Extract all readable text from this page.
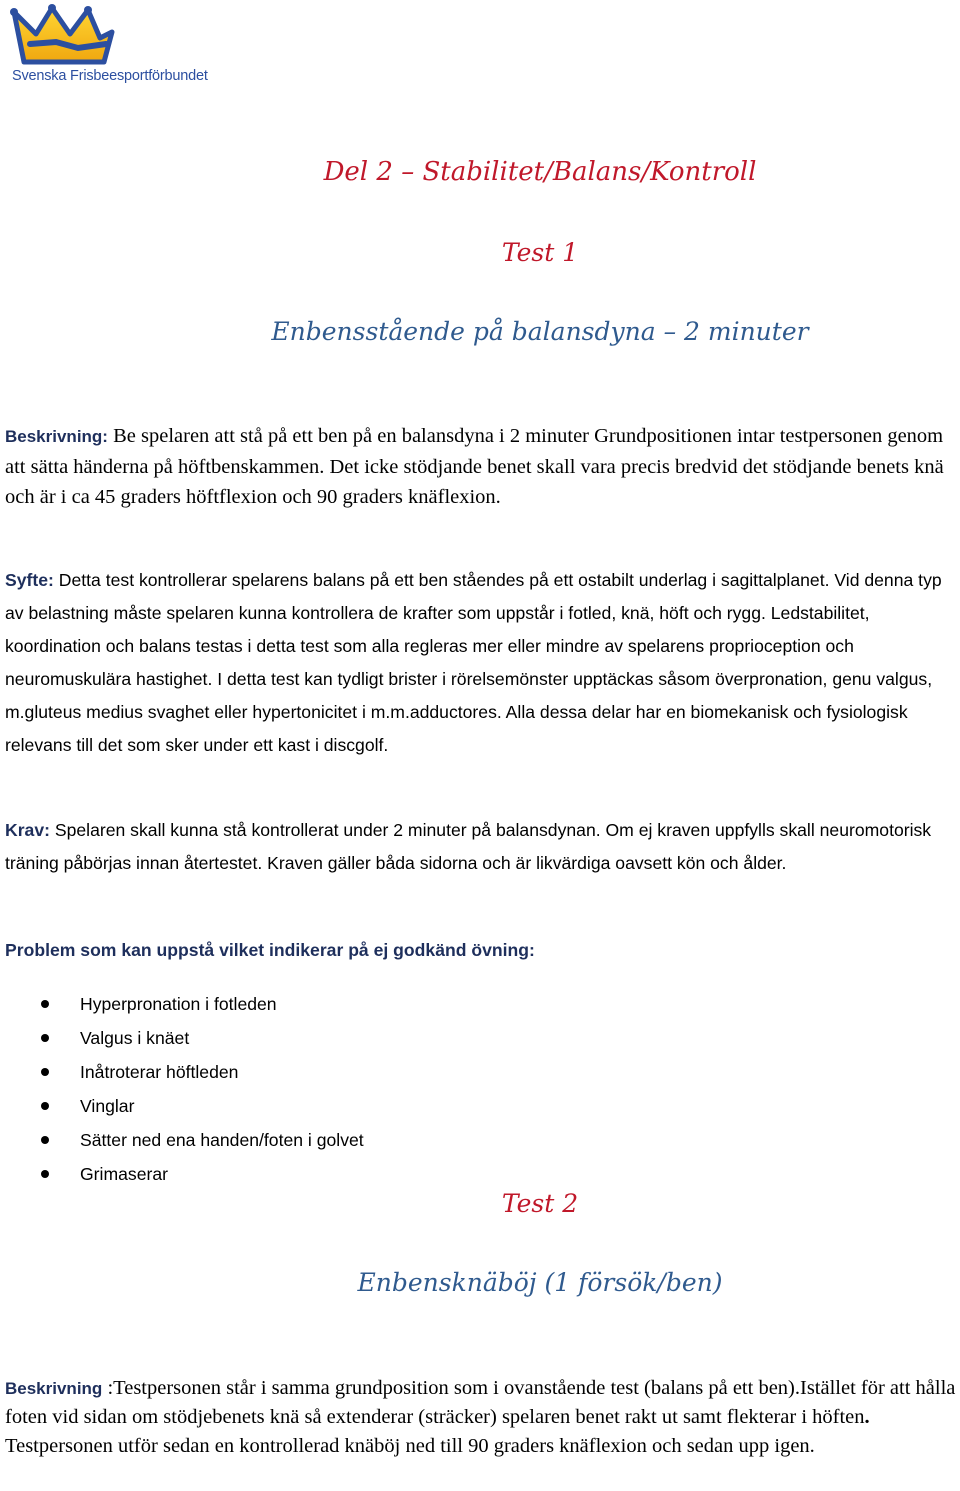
Svenska Frisbeesportförbundet
Del 2 – Stabilitet/Balans/Kontroll
Test 1
Enbensstående på balansdyna – 2 minuter

Beskrivning: Be spelaren att stå på ett ben på en balansdyna i 2 minuter Grundpositionen intar testpersonen genom att sätta händerna på höftbenskammen. Det icke stödjande benet skall vara precis bredvid det stödjande benets knä och är i ca 45 graders höftflexion och 90 graders knäflexion.

Syfte: Detta test kontrollerar spelarens balans på ett ben ståendes på ett ostabilt underlag i sagittalplanet. Vid denna typ av belastning måste spelaren kunna kontrollera de krafter som uppstår i fotled, knä, höft och rygg. Ledstabilitet, koordination och balans testas i detta test som alla regleras mer eller mindre av spelarens proprioception och neuromuskulära hastighet. I detta test kan tydligt brister i rörelsemönster upptäckas såsom överpronation, genu valgus, m.gluteus medius svaghet eller hypertonicitet i m.m.adductores. Alla dessa delar har en biomekanisk och fysiologisk relevans till det som sker under ett kast i discgolf.

Krav: Spelaren skall kunna stå kontrollerat under 2 minuter på balansdynan. Om ej kraven uppfylls skall neuromotorisk träning påbörjas innan återtestet. Kraven gäller båda sidorna och är likvärdiga oavsett kön och ålder.

Problem som kan uppstå vilket indikerar på ej godkänd övning:

Hyperpronation i fotleden
Valgus i knäet
Inåtroterar höftleden
Vinglar
Sätter ned ena handen/foten i golvet
Grimaserar
Test 2
Enbensknäböj (1 försök/ben)

Beskrivning :Testpersonen står i samma grundposition som i ovanstående test (balans på ett ben).Istället för att hålla foten vid sidan om stödjebenets knä så extenderar (sträcker) spelaren benet rakt ut samt flekterar i höften. Testpersonen utför sedan en kontrollerad knäböj ned till 90 graders knäflexion och sedan upp igen.
